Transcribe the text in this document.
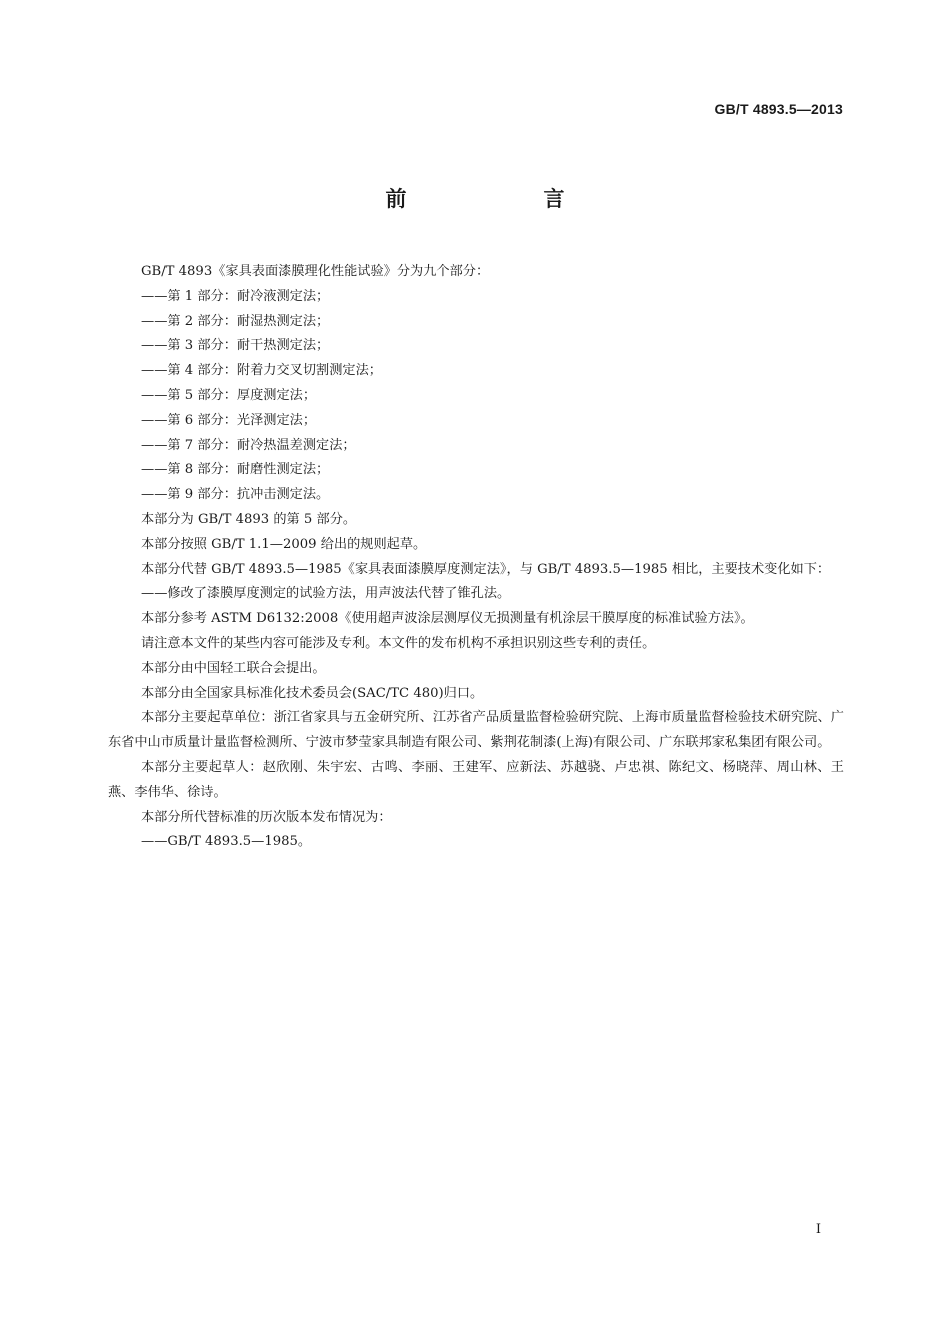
GB/T 4893.5—2013
前　言

GB/T 4893《家具表面漆膜理化性能试验》分为九个部分：

——第 1 部分：耐冷液测定法；

——第 2 部分：耐湿热测定法；

——第 3 部分：耐干热测定法；

——第 4 部分：附着力交叉切割测定法；

——第 5 部分：厚度测定法；

——第 6 部分：光泽测定法；

——第 7 部分：耐冷热温差测定法；

——第 8 部分：耐磨性测定法；

——第 9 部分：抗冲击测定法。

本部分为 GB/T 4893 的第 5 部分。

本部分按照 GB/T 1.1—2009 给出的规则起草。

本部分代替 GB/T 4893.5—1985《家具表面漆膜厚度测定法》，与 GB/T 4893.5—1985 相比，主要技术变化如下：

——修改了漆膜厚度测定的试验方法，用声波法代替了锥孔法。

本部分参考 ASTM D6132:2008《使用超声波涂层测厚仪无损测量有机涂层干膜厚度的标准试验方法》。

请注意本文件的某些内容可能涉及专利。本文件的发布机构不承担识别这些专利的责任。

本部分由中国轻工联合会提出。

本部分由全国家具标准化技术委员会(SAC/TC 480)归口。

本部分主要起草单位：浙江省家具与五金研究所、江苏省产品质量监督检验研究院、上海市质量监督检验技术研究院、广东省中山市质量计量监督检测所、宁波市梦莹家具制造有限公司、紫荆花制漆(上海)有限公司、广东联邦家私集团有限公司。

本部分主要起草人：赵欣刚、朱宇宏、古鸣、李丽、王建军、应新法、苏越骁、卢忠祺、陈纪文、杨晓萍、周山林、王燕、李伟华、徐诗。

本部分所代替标准的历次版本发布情况为：

——GB/T 4893.5—1985。

I
